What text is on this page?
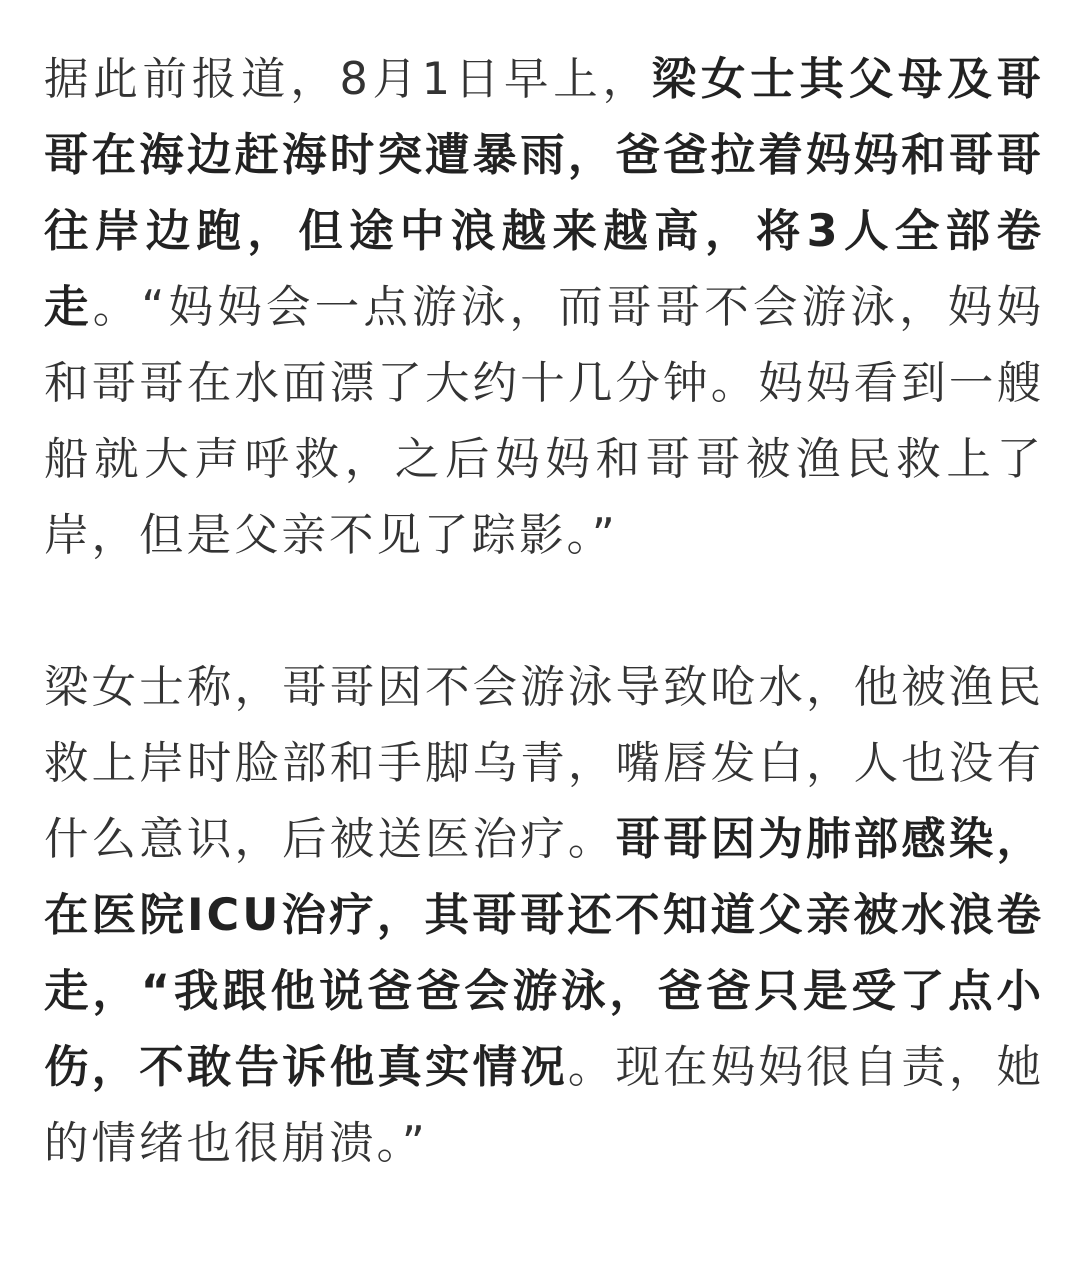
据此前报道，8月1日早上，梁女士其父母及哥哥在海边赶海时突遭暴雨，爸爸拉着妈妈和哥哥往岸边跑，但途中浪越来越高，将3人全部卷走。“妈妈会一点游泳，而哥哥不会游泳，妈妈和哥哥在水面漂了大约十几分钟。妈妈看到一艘船就大声呼救，之后妈妈和哥哥被渔民救上了岸，但是父亲不见了踪影。”

梁女士称，哥哥因不会游泳导致呛水，他被渔民救上岸时脸部和手脚乌青，嘴唇发白，人也没有什么意识，后被送医治疗。哥哥因为肺部感染，在医院ICU治疗，其哥哥还不知道父亲被水浪卷走，“我跟他说爸爸会游泳，爸爸只是受了点小伤，不敢告诉他真实情况。现在妈妈很自责，她的情绪也很崩溃。”
